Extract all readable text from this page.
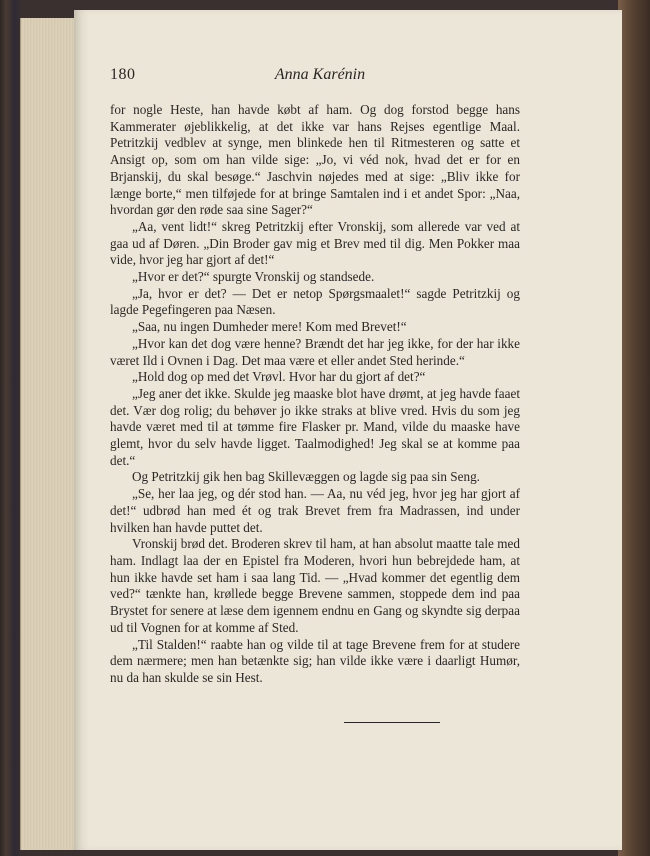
180	Anna Karénin

for nogle Heste, han havde købt af ham. Og dog forstod begge hans Kammerater øjeblikkelig, at det ikke var hans Rejses egentlige Maal. Petritzkij vedblev at synge, men blinkede hen til Ritmesteren og satte et Ansigt op, som om han vilde sige: „Jo, vi véd nok, hvad det er for en Brjanskij, du skal besøge.“ Jaschvin nøjedes med at sige: „Bliv ikke for længe borte,“ men tilføjede for at bringe Samtalen ind i et andet Spor: „Naa, hvordan gør den røde saa sine Sager?“

„Aa, vent lidt!“ skreg Petritzkij efter Vronskij, som allerede var ved at gaa ud af Døren. „Din Broder gav mig et Brev med til dig. Men Pokker maa vide, hvor jeg har gjort af det!“

„Hvor er det?“ spurgte Vronskij og standsede.

„Ja, hvor er det? — Det er netop Spørgsmaalet!“ sagde Petritzkij og lagde Pegefingeren paa Næsen.

„Saa, nu ingen Dumheder mere! Kom med Brevet!“

„Hvor kan det dog være henne? Brændt det har jeg ikke, for der har ikke været Ild i Ovnen i Dag. Det maa være et eller andet Sted herinde.“

„Hold dog op med det Vrøvl. Hvor har du gjort af det?“

„Jeg aner det ikke. Skulde jeg maaske blot have drømt, at jeg havde faaet det. Vær dog rolig; du behøver jo ikke straks at blive vred. Hvis du som jeg havde været med til at tømme fire Flasker pr. Mand, vilde du maaske have glemt, hvor du selv havde ligget. Taalmodighed! Jeg skal se at komme paa det.“

Og Petritzkij gik hen bag Skillevæggen og lagde sig paa sin Seng.

„Se, her laa jeg, og dér stod han. — Aa, nu véd jeg, hvor jeg har gjort af det!“ udbrød han med ét og trak Brevet frem fra Madrassen, ind under hvilken han havde puttet det.

Vronskij brød det. Broderen skrev til ham, at han absolut maatte tale med ham. Indlagt laa der en Epistel fra Moderen, hvori hun bebrejdede ham, at hun ikke havde set ham i saa lang Tid. — „Hvad kommer det egentlig dem ved?“ tænkte han, krøllede begge Brevene sammen, stoppede dem ind paa Brystet for senere at læse dem igennem endnu en Gang og skyndte sig derpaa ud til Vognen for at komme af Sted.

„Til Stalden!“ raabte han og vilde til at tage Brevene frem for at studere dem nærmere; men han betænkte sig; han vilde ikke være i daarligt Humør, nu da han skulde se sin Hest.
